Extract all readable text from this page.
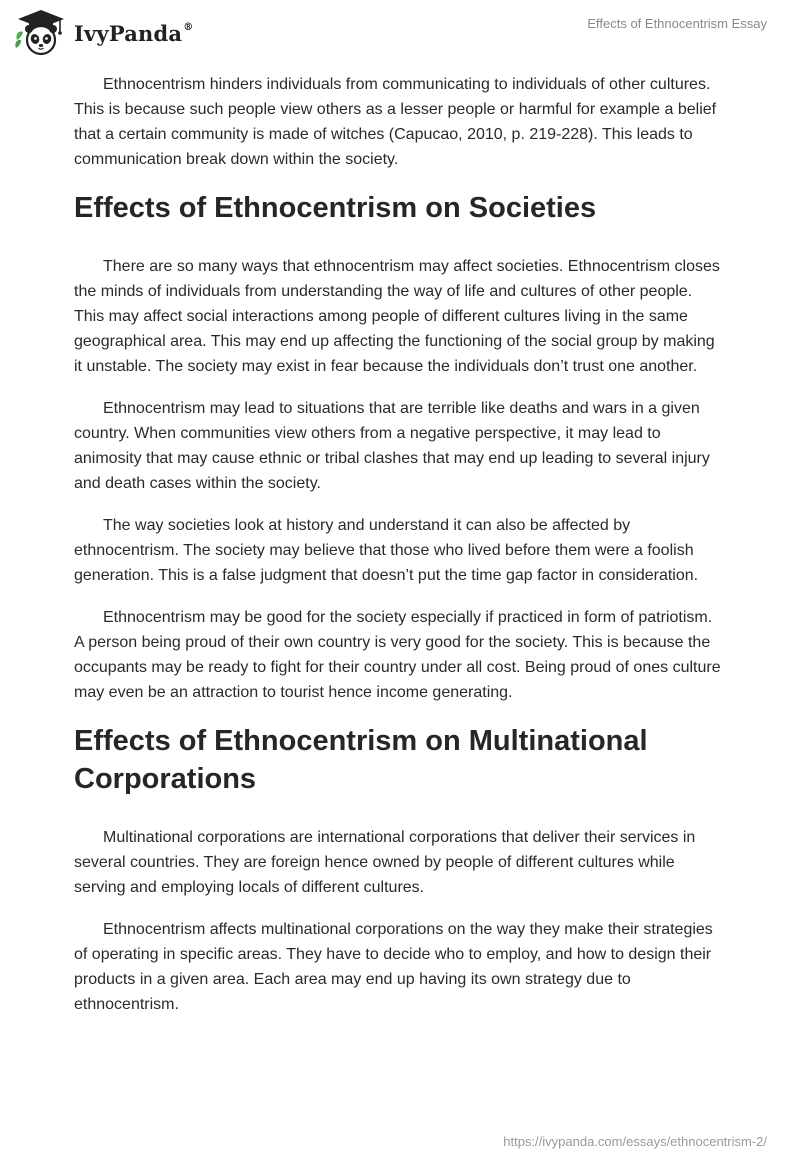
IvyPanda®	Effects of Ethnocentrism Essay

Ethnocentrism hinders individuals from communicating to individuals of other cultures. This is because such people view others as a lesser people or harmful for example a belief that a certain community is made of witches (Capucao, 2010, p. 219-228). This leads to communication break down within the society.

Effects of Ethnocentrism on Societies

There are so many ways that ethnocentrism may affect societies. Ethnocentrism closes the minds of individuals from understanding the way of life and cultures of other people. This may affect social interactions among people of different cultures living in the same geographical area. This may end up affecting the functioning of the social group by making it unstable. The society may exist in fear because the individuals don’t trust one another.

Ethnocentrism may lead to situations that are terrible like deaths and wars in a given country. When communities view others from a negative perspective, it may lead to animosity that may cause ethnic or tribal clashes that may end up leading to several injury and death cases within the society.

The way societies look at history and understand it can also be affected by ethnocentrism. The society may believe that those who lived before them were a foolish generation. This is a false judgment that doesn’t put the time gap factor in consideration.

Ethnocentrism may be good for the society especially if practiced in form of patriotism. A person being proud of their own country is very good for the society. This is because the occupants may be ready to fight for their country under all cost. Being proud of ones culture may even be an attraction to tourist hence income generating.

Effects of Ethnocentrism on Multinational Corporations

Multinational corporations are international corporations that deliver their services in several countries. They are foreign hence owned by people of different cultures while serving and employing locals of different cultures.

Ethnocentrism affects multinational corporations on the way they make their strategies of operating in specific areas. They have to decide who to employ, and how to design their products in a given area. Each area may end up having its own strategy due to ethnocentrism.

https://ivypanda.com/essays/ethnocentrism-2/
